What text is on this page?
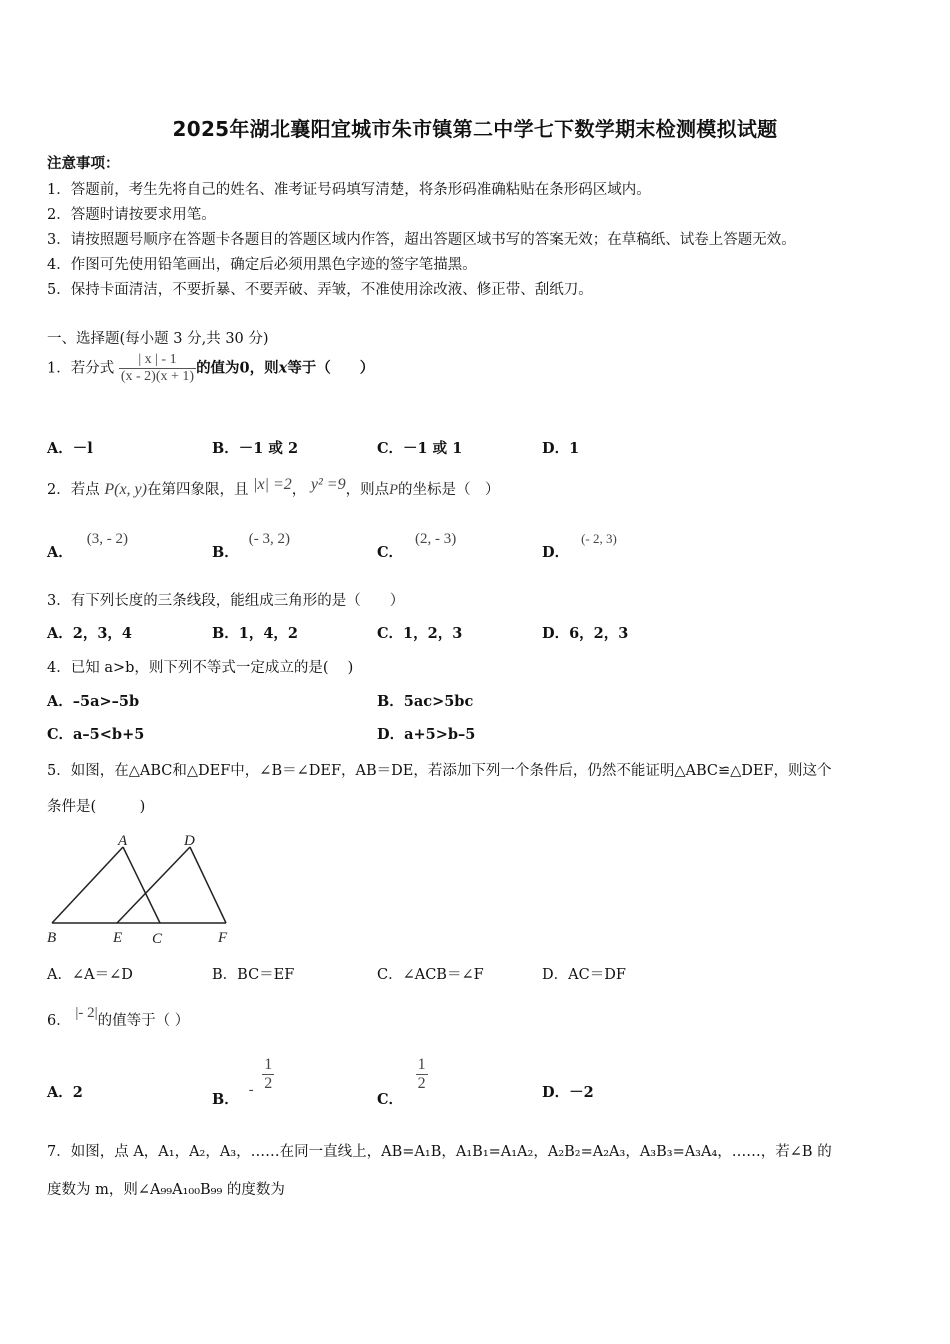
2025年湖北襄阳宜城市朱市镇第二中学七下数学期末检测模拟试题
注意事项：
1．答题前，考生先将自己的姓名、准考证号码填写清楚，将条形码准确粘贴在条形码区域内。
2．答题时请按要求用笔。
3．请按照题号顺序在答题卡各题目的答题区域内作答，超出答题区域书写的答案无效；在草稿纸、试卷上答题无效。
4．作图可先使用铅笔画出，确定后必须用黑色字迹的签字笔描黑。
5．保持卡面清洁，不要折暴、不要弄破、弄皱，不准使用涂改液、修正带、刮纸刀。
一、选择题(每小题 3 分,共 30 分)
1．若分式 $\frac{| x | - 1}{(x - 2)(x + 1)}$ 的值为0，则x等于（　　）
A．－l	B．－1 或 2	C．－1 或 1	D．1
2．若点 P(x, y)在第四象限，且 |x| =2， y² =9，则点P的坐标是（　）
A．(3, - 2)
B．(- 3, 2)
C．(2, - 3)
D．(- 2, 3)
3．有下列长度的三条线段，能组成三角形的是（　　）
A．2，3，4	B．1，4，2	C．1，2，3	D．6，2，3
4．已知 a>b，则下列不等式一定成立的是(　 )
A．–5a>–5b	B．5ac>5bc
C．a–5<b+5	D．a+5>b–5
5．如图，在△ABC和△DEF中，∠B＝∠DEF，AB＝DE，若添加下列一个条件后，仍然不能证明△ABC≌△DEF，则这个
条件是(　　　)
A	D
B	E C	F
A．∠A＝∠D	B．BC＝EF	C．∠ACB＝∠F	D．AC＝DF
6． |- 2|的值等于（ ）
A．2	B．- $\frac{1}{2}$
C．
$\frac{1}{2}$	D．－2
7．如图，点 A，A₁，A₂，A₃，……在同一直线上，AB=A₁B，A₁B₁=A₁A₂，A₂B₂=A₂A₃，A₃B₃=A₃A₄，……，若∠B 的
度数为 m，则∠A₉₉A₁₀₀B₉₉ 的度数为
